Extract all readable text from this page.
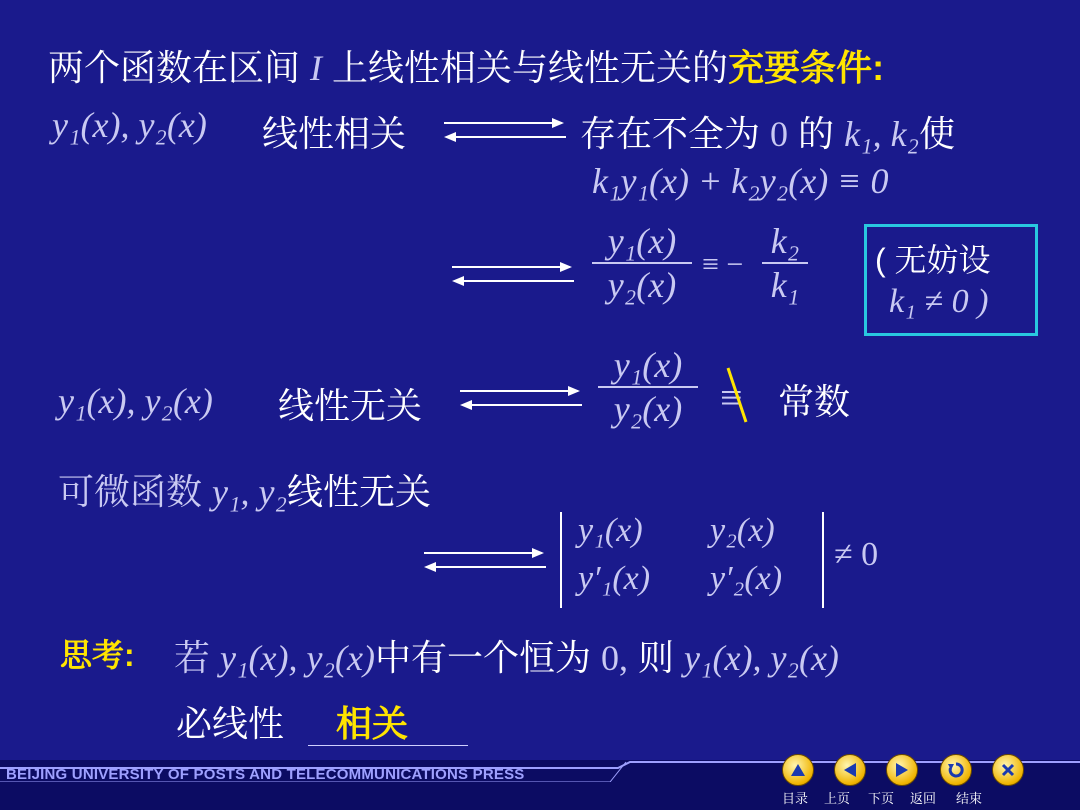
两个函数在区间 I 上线性相关与线性无关的充要条件:
y₁(x), y₂(x) 线性相关	存在不全为 0 的 k₁, k₂使
k₁y₁(x) + k₂y₂(x) ≡ 0
y₁(x)
y₂(x)
≡ −
k₂
k₁
( 无妨设
k₁ ≠ 0 )
y₁(x), y₂(x) 线性无关
y₁(x)
y₂(x) ≡ 常数
可微函数 y₁, y₂线性无关
y₁(x) y₂(x)
y′₁(x) y′₂(x)
≠ 0
思考: 若 y₁(x), y₂(x)中有一个恒为 0, 则 y₁(x), y₂(x)
必线性 相关
BEIJING UNIVERSITY OF POSTS AND TELECOMMUNICATIONS PRESS
目录 上页 下页 返回 结束
